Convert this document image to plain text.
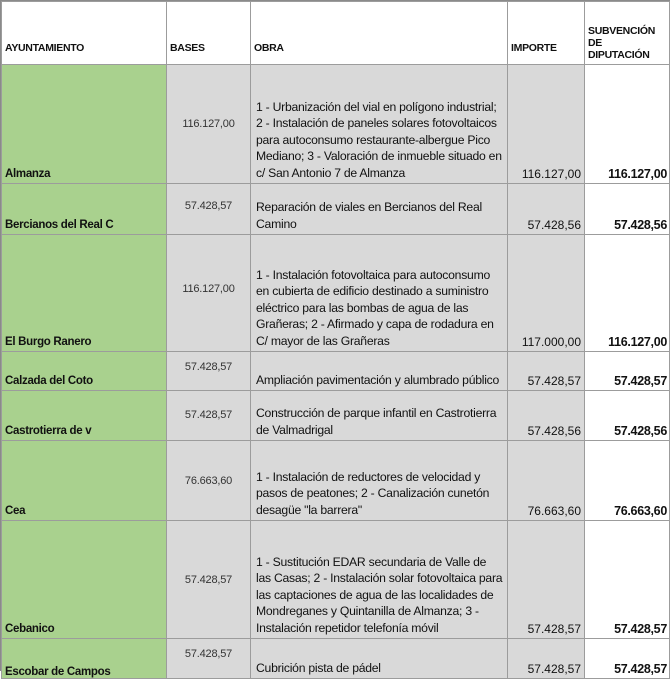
AYUNTAMIENTO	BASES	OBRA	IMPORTE	SUBVENCIÓN DE DIPUTACIÓN
Almanza	116.127,00	1 - Urbanización del vial en polígono industrial; 2 - Instalación de paneles solares fotovoltaicos para autoconsumo restaurante-albergue Pico Mediano; 3 - Valoración de inmueble situado en c/ San Antonio 7 de Almanza	116.127,00	116.127,00
Bercianos del Real C	57.428,57	Reparación de viales en Bercianos del Real Camino	57.428,56	57.428,56
El Burgo Ranero	116.127,00	1 - Instalación fotovoltaica para autoconsumo en cubierta de edificio destinado a suministro eléctrico para las bombas de agua de las Grañeras; 2 - Afirmado y capa de rodadura en C/ mayor de las Grañeras	117.000,00	116.127,00
Calzada del Coto	57.428,57	Ampliación pavimentación y alumbrado público	57.428,57	57.428,57
Castrotierra de v	57.428,57	Construcción de parque infantil en Castrotierra de Valmadrigal	57.428,56	57.428,56
Cea	76.663,60	1 - Instalación de reductores de velocidad y pasos de peatones; 2 - Canalización cunetón desagüe "la barrera"	76.663,60	76.663,60
Cebanico	57.428,57	1 - Sustitución EDAR secundaria de Valle de las Casas; 2 - Instalación solar fotovoltaica para las captaciones de agua de las localidades de Mondreganes y Quintanilla de Almanza; 3 - Instalación repetidor telefonía móvil	57.428,57	57.428,57
Escobar de Campos	57.428,57	Cubrición pista de pádel	57.428,57	57.428,57
